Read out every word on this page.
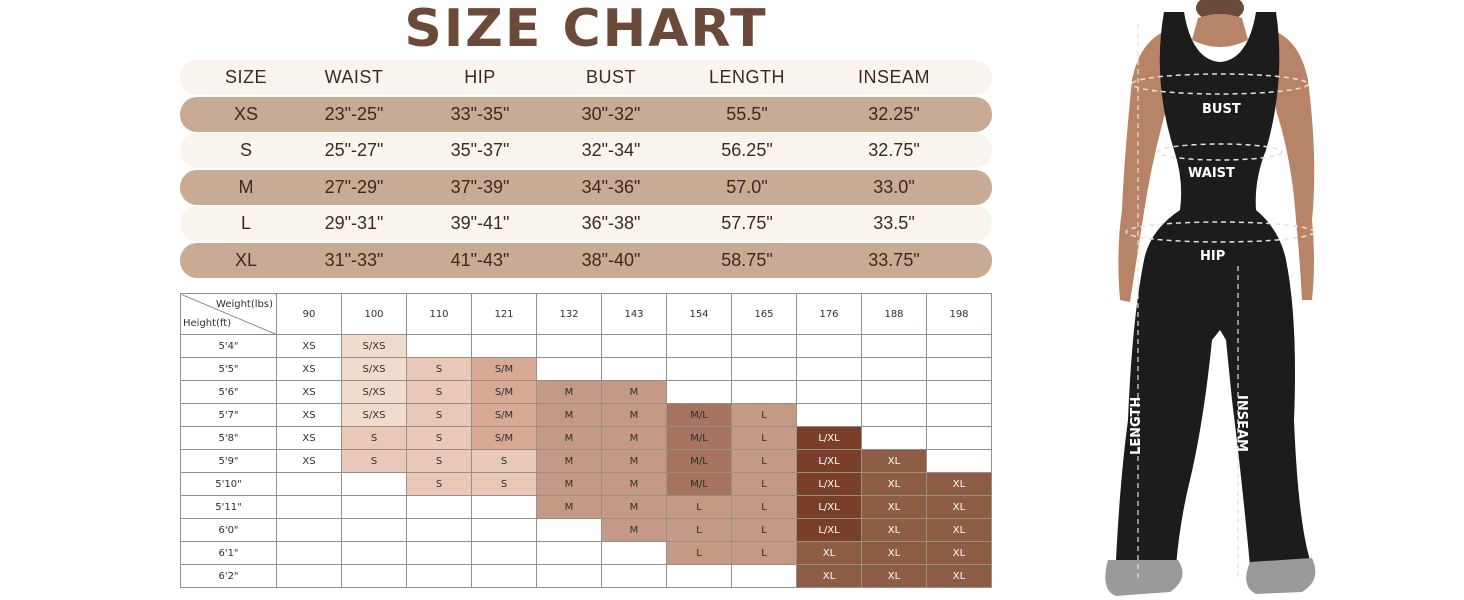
SIZE CHART
SIZE	WAIST	HIP	BUST	LENGTH	INSEAM
XS	23"-25"	33"-35"	30"-32"	55.5"	32.25"
S	25"-27"	35"-37"	32"-34"	56.25"	32.75"
M	27"-29"	37"-39"	34"-36"	57.0"	33.0"
L	29"-31"	39"-41"	36"-38"	57.75"	33.5"
XL	31"-33"	41"-43"	38"-40"	58.75"	33.75"
Weight(lbs)
Height(ft)	90	100	110	121	132	143	154	165	176	188	198
5'4"	XS	S/XS									
5'5"	XS	S/XS	S	S/M							
5'6"	XS	S/XS	S	S/M	M	M					
5'7"	XS	S/XS	S	S/M	M	M	M/L	L			
5'8"	XS	S	S	S/M	M	M	M/L	L	L/XL		
5'9"	XS	S	S	S	M	M	M/L	L	L/XL	XL	
5'10"			S	S	M	M	M/L	L	L/XL	XL	XL
5'11"					M	M	L	L	L/XL	XL	XL
6'0"						M	L	L	L/XL	XL	XL
6'1"							L	L	XL	XL	XL
6'2"									XL	XL	XL
BUST
WAIST
HIP
LENGTH	INSEAM
